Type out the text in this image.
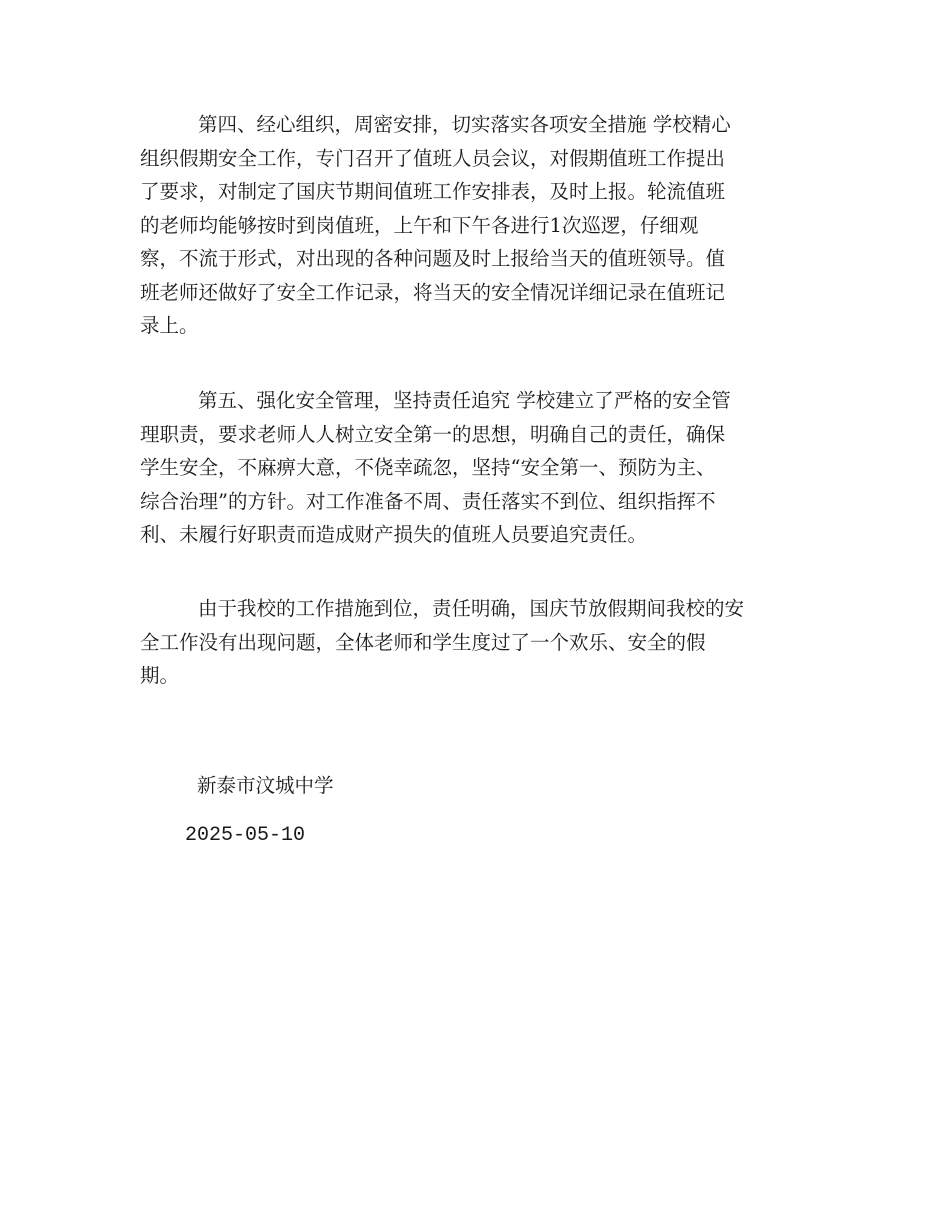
第四、经心组织，周密安排，切实落实各项安全措施 学校精心
组织假期安全工作，专门召开了值班人员会议，对假期值班工作提出
了要求，对制定了国庆节期间值班工作安排表，及时上报。轮流值班
的老师均能够按时到岗值班，上午和下午各进行1次巡逻，仔细观
察，不流于形式，对出现的各种问题及时上报给当天的值班领导。值
班老师还做好了安全工作记录，将当天的安全情况详细记录在值班记
录上。
第五、强化安全管理，坚持责任追究 学校建立了严格的安全管
理职责，要求老师人人树立安全第一的思想，明确自己的责任，确保
学生安全，不麻痹大意，不侥幸疏忽，坚持“安全第一、预防为主、
综合治理”的方针。对工作准备不周、责任落实不到位、组织指挥不
利、未履行好职责而造成财产损失的值班人员要追究责任。
由于我校的工作措施到位，责任明确，国庆节放假期间我校的安
全工作没有出现问题，全体老师和学生度过了一个欢乐、安全的假
期。
新泰市汶城中学
2025-05-10
